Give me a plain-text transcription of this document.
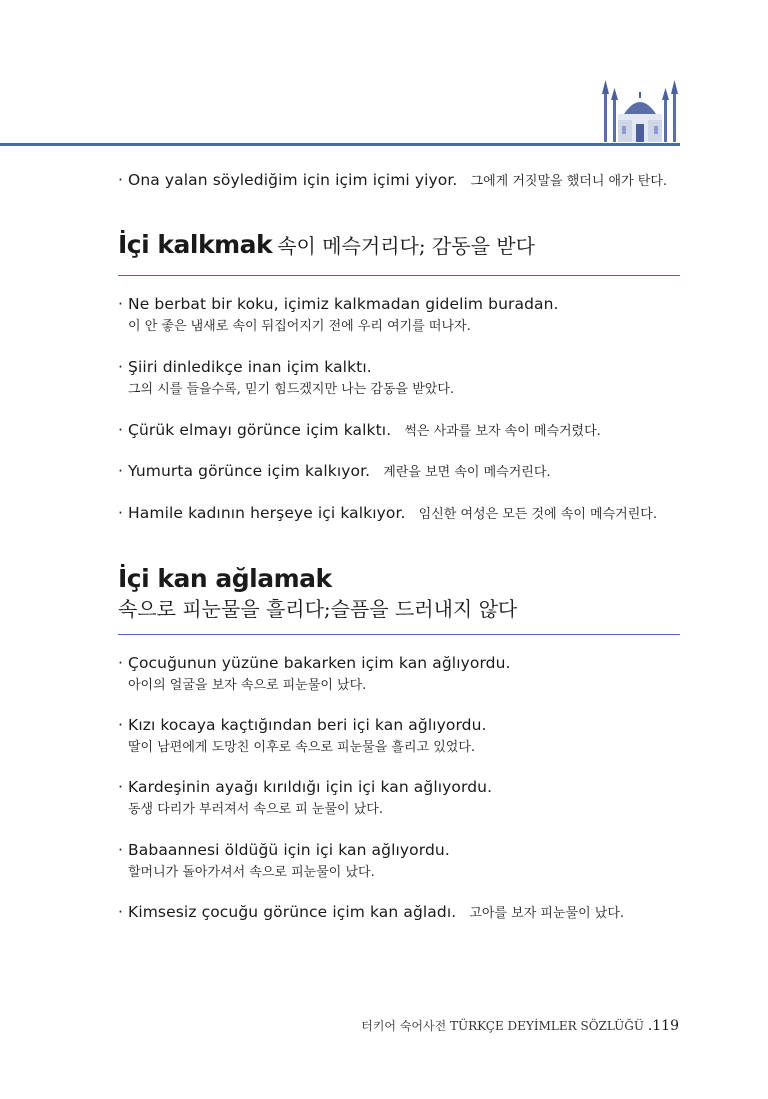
· Ona yalan söylediğim için içim içimi yiyor. 그에게 거짓말을 했더니 애가 탄다.
İçi kalkmak 속이 메슥거리다; 감동을 받다
· Ne berbat bir koku, içimiz kalkmadan gidelim buradan.
이 안 좋은 냄새로 속이 뒤집어지기 전에 우리 여기를 떠나자.
· Şiiri dinledikçe inan içim kalktı.
그의 시를 들을수록, 믿기 힘드겠지만 나는 감동을 받았다.
· Çürük elmayı görünce içim kalktı. 썩은 사과를 보자 속이 메슥거렸다.
· Yumurta görünce içim kalkıyor. 계란을 보면 속이 메슥거린다.
· Hamile kadının herşeye içi kalkıyor. 임신한 여성은 모든 것에 속이 메슥거린다.
İçi kan ağlamak
속으로 피눈물을 흘리다;슬픔을 드러내지 않다
· Çocuğunun yüzüne bakarken içim kan ağlıyordu.
아이의 얼굴을 보자 속으로 피눈물이 났다.
· Kızı kocaya kaçtığından beri içi kan ağlıyordu.
딸이 남편에게 도망친 이후로 속으로 피눈물을 흘리고 있었다.
· Kardeşinin ayağı kırıldığı için içi kan ağlıyordu.
동생 다리가 부러져서 속으로 피 눈물이 났다.
· Babaannesi öldüğü için içi kan ağlıyordu.
할머니가 돌아가셔서 속으로 피눈물이 났다.
· Kimsesiz çocuğu görünce içim kan ağladı. 고아를 보자 피눈물이 났다.
터키어 숙어사전 TÜRKÇE DEYİMLER SÖZLÜĞÜ .119
